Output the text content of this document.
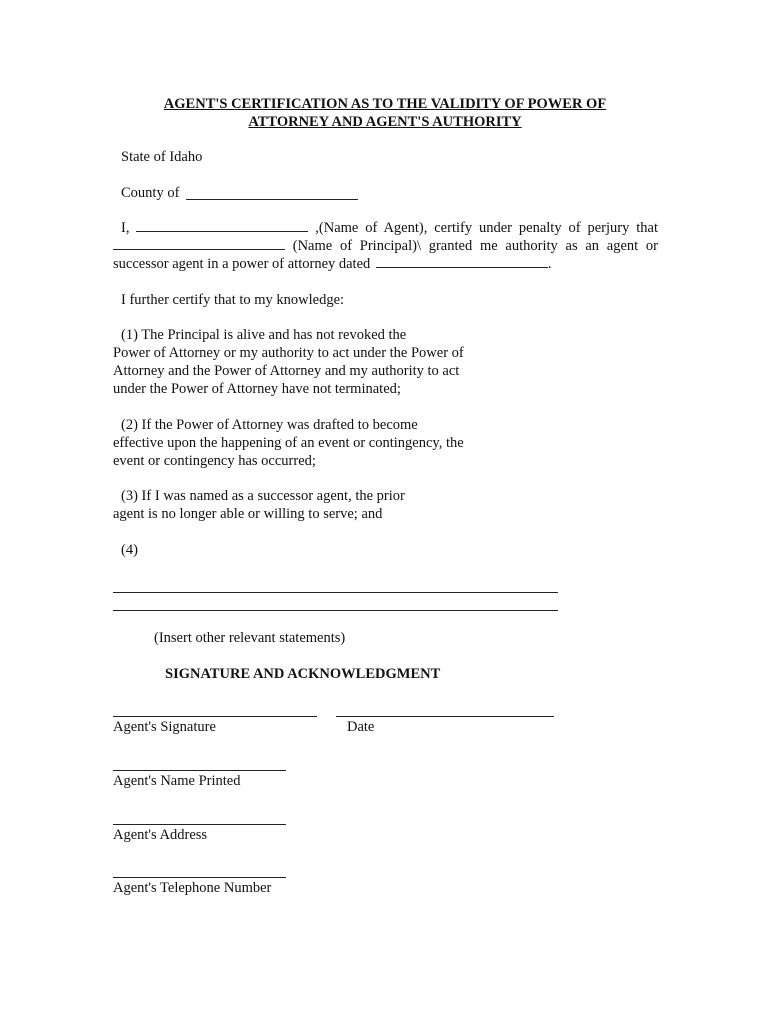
AGENT'S CERTIFICATION AS TO THE VALIDITY OF POWER OF
ATTORNEY AND AGENT'S AUTHORITY
State of Idaho
County of
I,	,(Name of Agent), certify under penalty of perjury that
(Name of Principal)\ granted me authority as an agent or
successor agent in a power of attorney dated	.
I further certify that to my knowledge:
(1) The Principal is alive and has not revoked the
Power of Attorney or my authority to act under the Power of
Attorney and the Power of Attorney and my authority to act
under the Power of Attorney have not terminated;
(2) If the Power of Attorney was drafted to become
effective upon the happening of an event or contingency, the
event or contingency has occurred;
(3) If I was named as a successor agent, the prior
agent is no longer able or willing to serve; and
(4)
(Insert other relevant statements)
SIGNATURE AND ACKNOWLEDGMENT
Agent's Signature	Date
Agent's Name Printed
Agent's Address
Agent's Telephone Number
